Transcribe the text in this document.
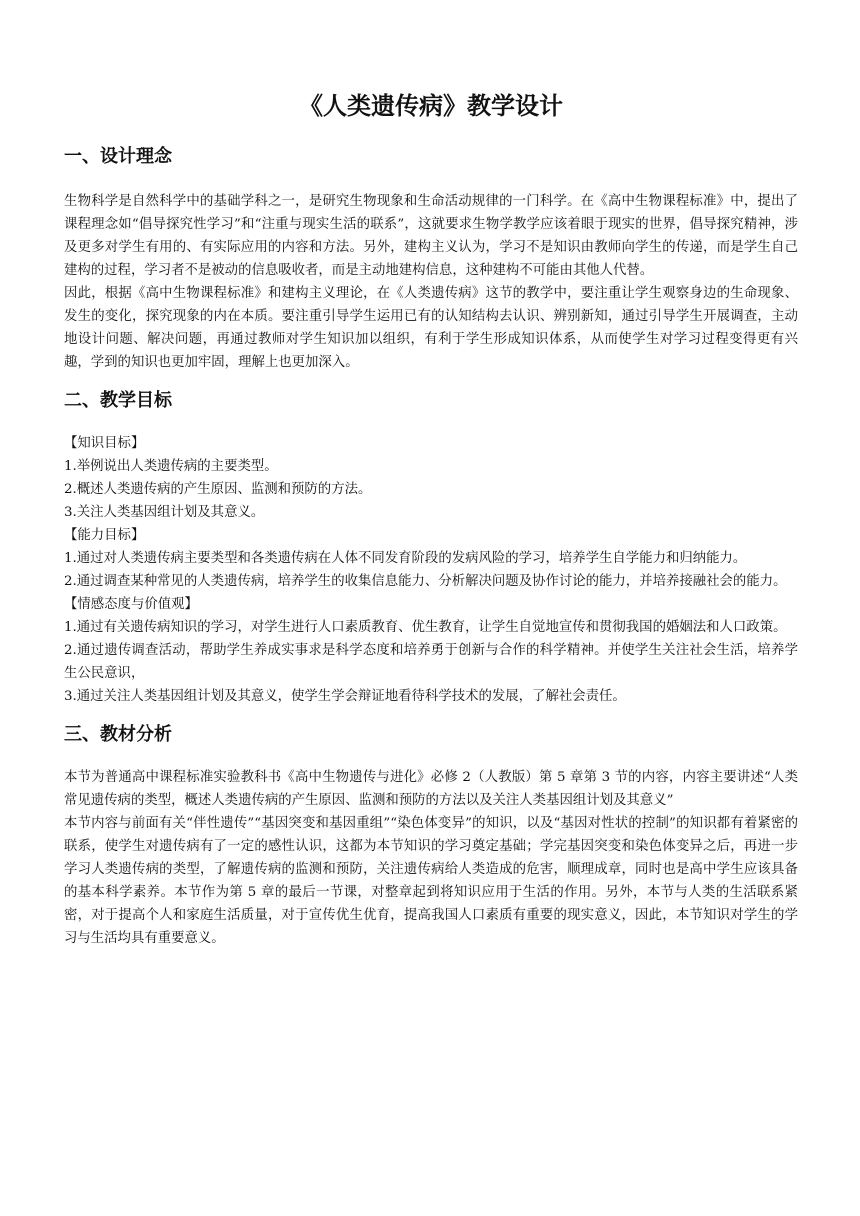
《人类遗传病》教学设计
一、设计理念

生物科学是自然科学中的基础学科之一，是研究生物现象和生命活动规律的一门科学。在《高中生物课程标准》中，提出了课程理念如“倡导探究性学习”和“注重与现实生活的联系”，这就要求生物学教学应该着眼于现实的世界，倡导探究精神，涉及更多对学生有用的、有实际应用的内容和方法。另外，建构主义认为，学习不是知识由教师向学生的传递，而是学生自己建构的过程，学习者不是被动的信息吸收者，而是主动地建构信息，这种建构不可能由其他人代替。

因此，根据《高中生物课程标准》和建构主义理论，在《人类遗传病》这节的教学中，要注重让学生观察身边的生命现象、发生的变化，探究现象的内在本质。要注重引导学生运用已有的认知结构去认识、辨别新知，通过引导学生开展调查，主动地设计问题、解决问题，再通过教师对学生知识加以组织，有利于学生形成知识体系，从而使学生对学习过程变得更有兴趣，学到的知识也更加牢固，理解上也更加深入。

二、教学目标

【知识目标】

1.举例说出人类遗传病的主要类型。

2.概述人类遗传病的产生原因、监测和预防的方法。

3.关注人类基因组计划及其意义。

【能力目标】

1.通过对人类遗传病主要类型和各类遗传病在人体不同发育阶段的发病风险的学习，培养学生自学能力和归纳能力。

2.通过调查某种常见的人类遗传病，培养学生的收集信息能力、分析解决问题及协作讨论的能力，并培养接融社会的能力。

【情感态度与价值观】

1.通过有关遗传病知识的学习，对学生进行人口素质教育、优生教育，让学生自觉地宣传和贯彻我国的婚姻法和人口政策。

2.通过遗传调查活动，帮助学生养成实事求是科学态度和培养勇于创新与合作的科学精神。并使学生关注社会生活，培养学生公民意识，

3.通过关注人类基因组计划及其意义，使学生学会辩证地看待科学技术的发展，了解社会责任。

三、教材分析

本节为普通高中课程标准实验教科书《高中生物遗传与进化》必修 2（人教版）第 5 章第 3 节的内容，内容主要讲述“人类常见遗传病的类型，概述人类遗传病的产生原因、监测和预防的方法以及关注人类基因组计划及其意义”

本节内容与前面有关“伴性遗传”“基因突变和基因重组”“染色体变异”的知识，以及“基因对性状的控制”的知识都有着紧密的联系，使学生对遗传病有了一定的感性认识，这都为本节知识的学习奠定基础；学完基因突变和染色体变异之后，再进一步学习人类遗传病的类型，了解遗传病的监测和预防，关注遗传病给人类造成的危害，顺理成章，同时也是高中学生应该具备的基本科学素养。本节作为第 5 章的最后一节课，对整章起到将知识应用于生活的作用。另外，本节与人类的生活联系紧密，对于提高个人和家庭生活质量，对于宣传优生优育，提高我国人口素质有重要的现实意义，因此，本节知识对学生的学习与生活均具有重要意义。
